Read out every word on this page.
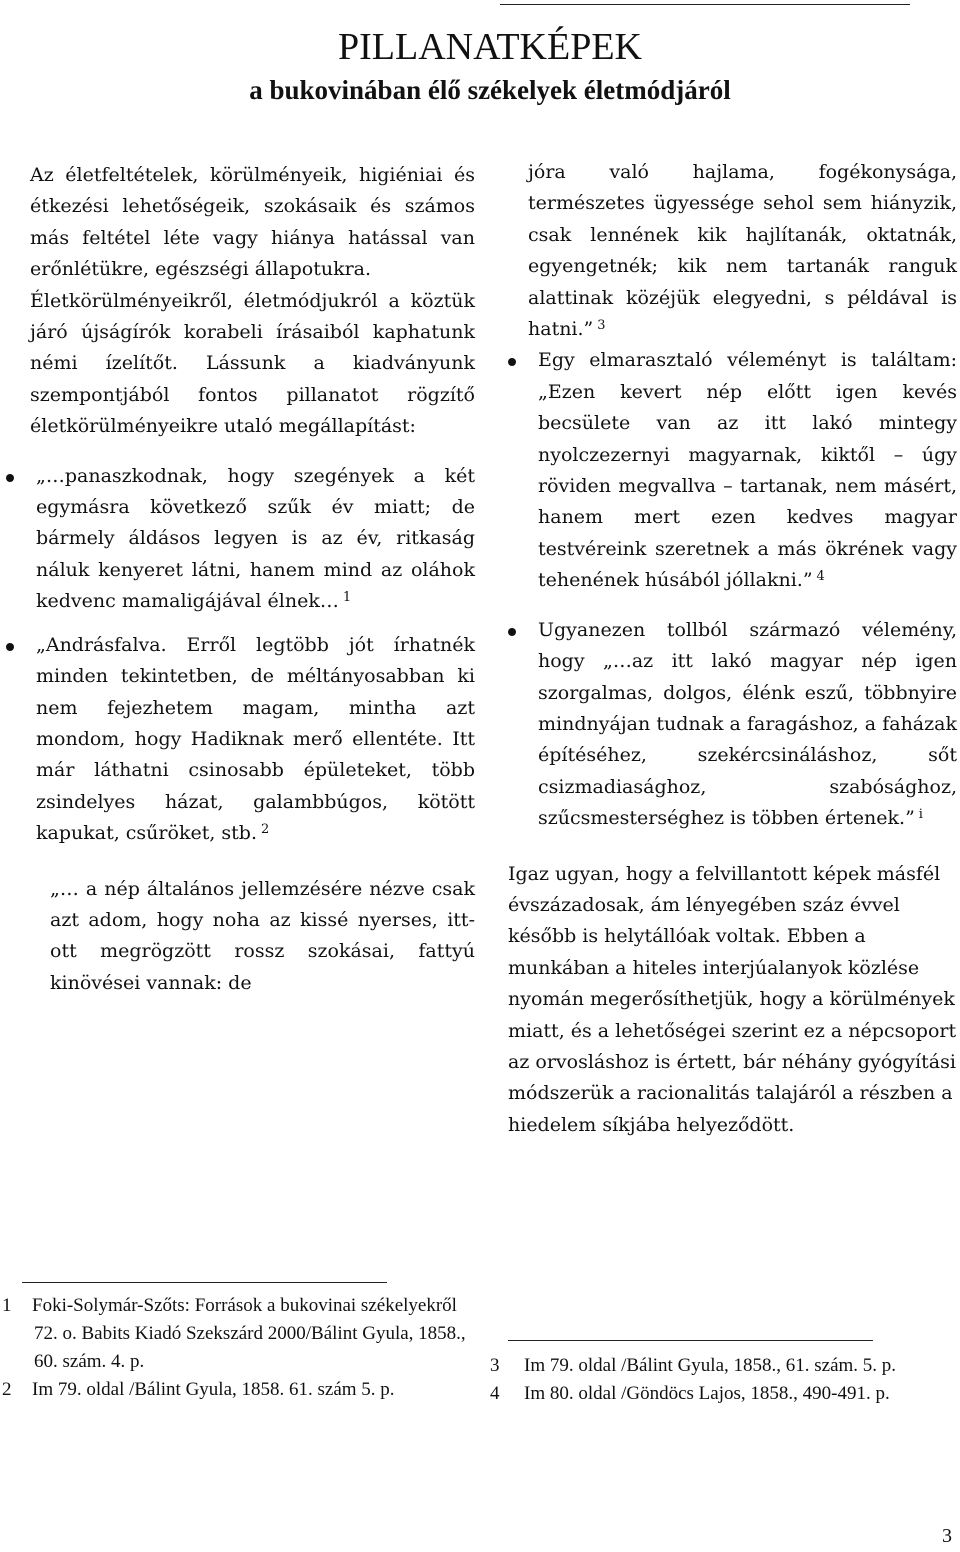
PILLANATKÉPEK
a bukovinában élő székelyek életmódjáról

Az életfeltételek, körülményeik, higiéniai és étkezési lehetőségeik, szokásaik és számos más feltétel léte vagy hiánya hatással van erőnlétükre, egészségi állapotukra.

Életkörülményeikről, életmódjukról a köztük járó újságírók korabeli írásaiból kaphatunk némi ízelítőt. Lássunk a kiadványunk szempontjából fontos pillanatot rögzítő életkörülményeikre utaló megállapítást:

„…panaszkodnak, hogy szegények a két egymásra következő szűk év miatt; de bármely áldásos legyen is az év, ritkaság náluk kenyeret látni, hanem mind az oláhok kedvenc mamaligájával élnek… $^1$

„Andrásfalva. Erről legtöbb jót írhatnék minden tekintetben, de méltányosabban ki nem fejezhetem magam, mintha azt mondom, hogy Hadiknak merő ellentéte. Itt már láthatni csinosabb épületeket, több zsindelyes házat, galambbúgos, kötött kapukat, csűröket, stb. $^2$

„… a nép általános jellemzésére nézve csak azt adom, hogy noha az kissé nyerses, itt-ott megrögzött rossz szokásai, fattyú kinövései vannak: de

jóra való hajlama, fogékonysága, természetes ügyessége sehol sem hiányzik, csak lennének kik hajlítanák, oktatnák, egyengetnék; kik nem tartanák ranguk alattinak közéjük elegyedni, s példával is hatni.” $^3$

Egy elmarasztaló véleményt is találtam: „Ezen kevert nép előtt igen kevés becsülete van az itt lakó mintegy nyolczezernyi magyarnak, kiktől – úgy röviden megvallva – tartanak, nem másért, hanem mert ezen kedves magyar testvéreink szeretnek a más ökrének vagy tehenének húsából jóllakni.” $^4$

Ugyanezen tollból származó vélemény, hogy „…az itt lakó magyar nép igen szorgalmas, dolgos, élénk eszű, többnyire mindnyájan tudnak a faragáshoz, a faházak építéséhez, szekércsináláshoz, sőt csizmadiasághoz, szabósághoz, szűcsmesterséghez is többen értenek.” $^i$

Igaz ugyan, hogy a felvillantott képek másfél évszázadosak, ám lényegében száz évvel később is helytállóak voltak. Ebben a munkában a hiteles interjúalanyok közlése nyomán megerősíthetjük, hogy a körülmények miatt, és a lehetőségei szerint ez a népcsoport az orvosláshoz is értett, bár néhány gyógyítási módszerük a racionalitás talajáról a részben a hiedelem síkjába helyeződött.

1 Foki-Solymár-Szőts: Források a bukovinai székelyekről 72. o. Babits Kiadó Szekszárd 2000/Bálint Gyula, 1858., 60. szám. 4. p.

2 Im 79. oldal /Bálint Gyula, 1858. 61. szám 5. p.

3 Im 79. oldal /Bálint Gyula, 1858., 61. szám. 5. p.

4 Im 80. oldal /Göndöcs Lajos, 1858., 490-491. p.

3
